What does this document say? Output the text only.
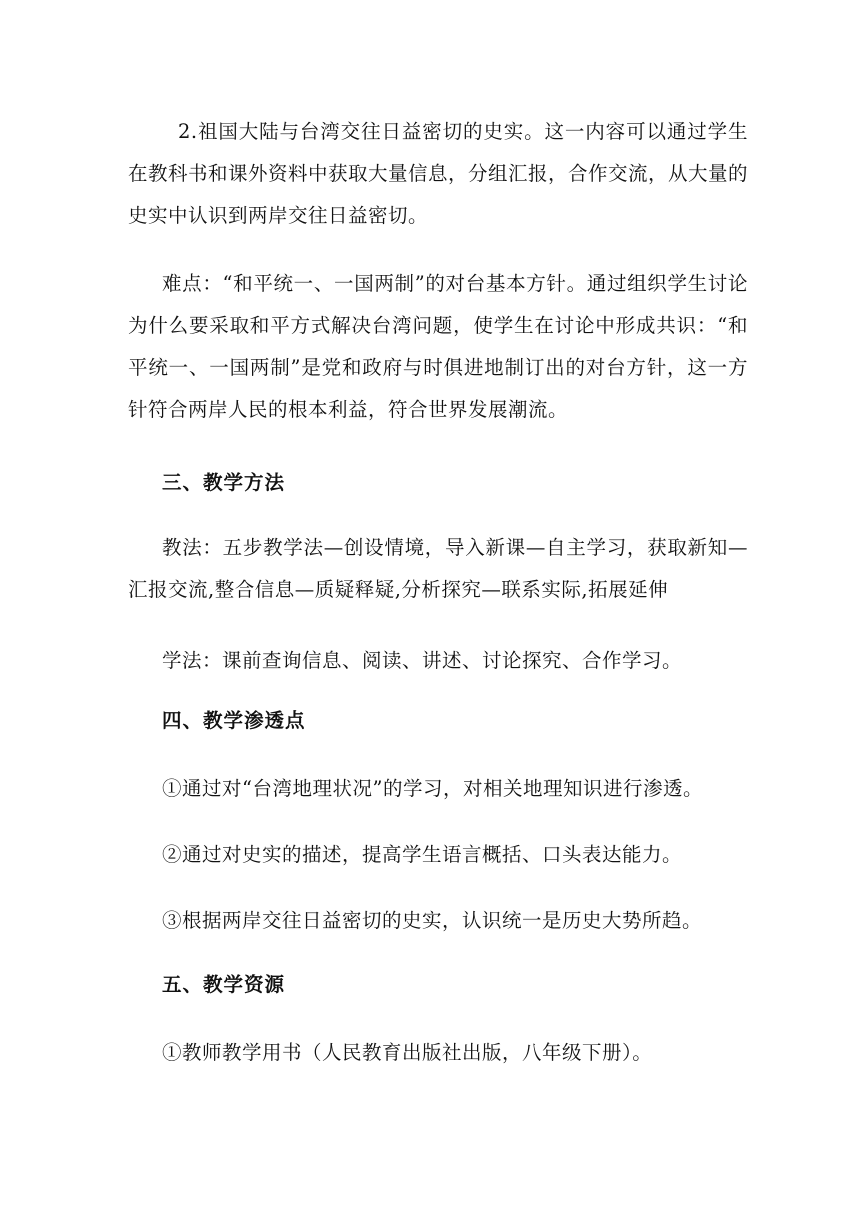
2.祖国大陆与台湾交往日益密切的史实。这一内容可以通过学生在教科书和课外资料中获取大量信息，分组汇报，合作交流，从大量的史实中认识到两岸交往日益密切。

难点：“和平统一、一国两制”的对台基本方针。通过组织学生讨论为什么要采取和平方式解决台湾问题，使学生在讨论中形成共识：“和平统一、一国两制”是党和政府与时俱进地制订出的对台方针，这一方针符合两岸人民的根本利益，符合世界发展潮流。

三、教学方法

教法：五步教学法—创设情境，导入新课—自主学习，获取新知—汇报交流,整合信息—质疑释疑,分析探究—联系实际,拓展延伸

学法：课前查询信息、阅读、讲述、讨论探究、合作学习。

四、教学渗透点

①通过对“台湾地理状况”的学习，对相关地理知识进行渗透。

②通过对史实的描述，提高学生语言概括、口头表达能力。

③根据两岸交往日益密切的史实，认识统一是历史大势所趋。

五、教学资源

①教师教学用书（人民教育出版社出版，八年级下册）。
